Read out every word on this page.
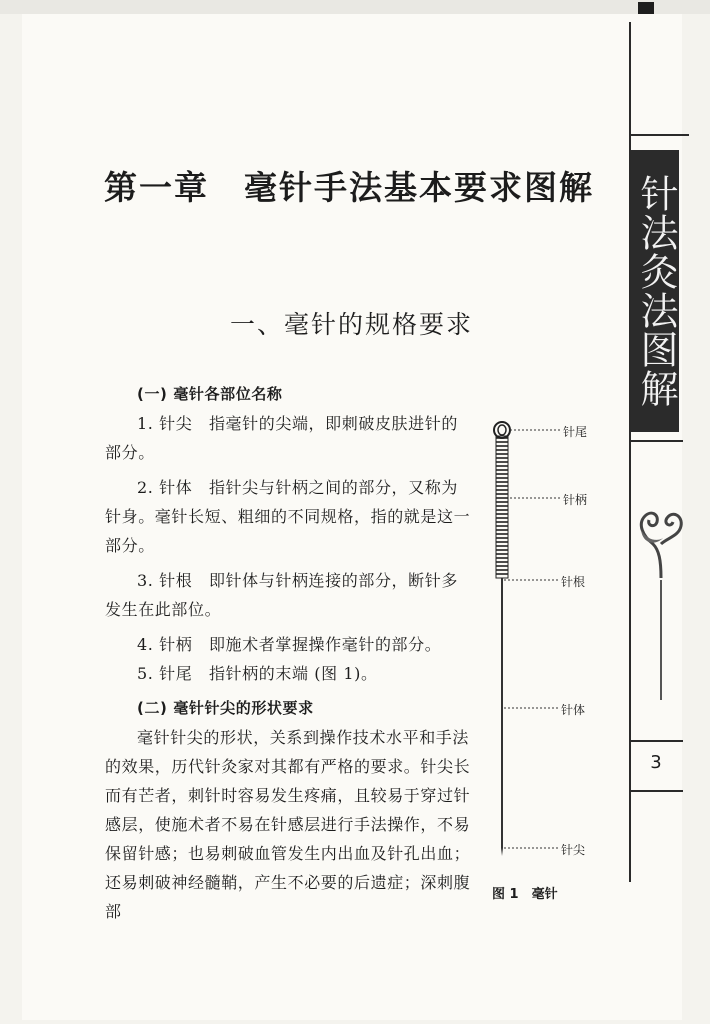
针法灸法图解
3
第一章　毫针手法基本要求图解
一、毫针的规格要求

(一) 毫针各部位名称

1. 针尖　指毫针的尖端，即刺破皮肤进针的部分。

2. 针体　指针尖与针柄之间的部分，又称为针身。毫针长短、粗细的不同规格，指的就是这一部分。

3. 针根　即针体与针柄连接的部分，断针多发生在此部位。

4. 针柄　即施术者掌握操作毫针的部分。

5. 针尾　指针柄的末端 (图 1)。

(二) 毫针针尖的形状要求

毫针针尖的形状，关系到操作技术水平和手法的效果，历代针灸家对其都有严格的要求。针尖长而有芒者，刺针时容易发生疼痛，且较易于穿过针感层，使施术者不易在针感层进行手法操作，不易保留针感；也易刺破血管发生内出血及针孔出血；还易刺破神经髓鞘，产生不必要的后遗症；深刺腹部

针尾
针柄
针根
针体
针尖
图 1　毫针
